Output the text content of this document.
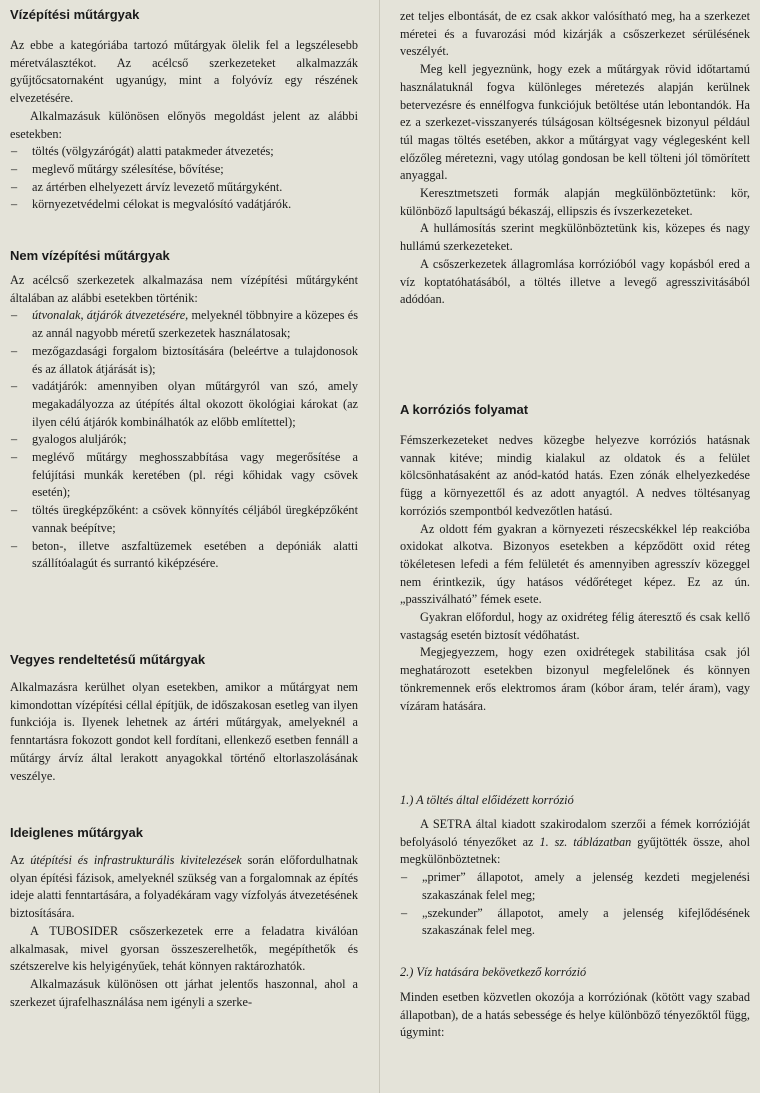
Vízépítési műtárgyak

Az ebbe a kategóriába tartozó műtárgyak ölelik fel a legszélesebb méretválasztékot. Az acélcső szerkezeteket alkalmazzák gyűjtőcsatornaként ugyanúgy, mint a folyóvíz egy részének elvezetésére.

Alkalmazásuk különösen előnyös megoldást jelent az alábbi esetekben:

– töltés (völgyzárógát) alatti patakmeder átvezetés;
– meglevő műtárgy szélesítése, bővítése;
– az ártérben elhelyezett árvíz levezető műtárgyként.
– környezetvédelmi célokat is megvalósító vadátjárók.
Nem vízépítési műtárgyak

Az acélcső szerkezetek alkalmazása nem vízépítési műtárgyként általában az alábbi esetekben történik:

– útvonalak, átjárók átvezetésére, melyeknél többnyire a közepes és az annál nagyobb méretű szerkezetek használatosak;
– mezőgazdasági forgalom biztosítására (beleértve a tulajdonosok és az állatok átjárását is);
– vadátjárók: amennyiben olyan műtárgyról van szó, amely megakadályozza az útépítés által okozott ökológiai károkat (az ilyen célú átjárók kombinálhatók az előbb említettel);
– gyalogos aluljárók;
– meglévő műtárgy meghosszabbítása vagy megerősítése a felújítási munkák keretében (pl. régi kőhidak vagy csövek esetén);
– töltés üregképzőként: a csövek könnyítés céljából üregképzőként vannak beépítve;
– beton-, illetve aszfaltüzemek esetében a depóniák alatti szállítóalagút és surrantó kiképzésére.
Vegyes rendeltetésű műtárgyak

Alkalmazásra kerülhet olyan esetekben, amikor a műtárgyat nem kimondottan vízépítési céllal építjük, de időszakosan esetleg van ilyen funkciója is. Ilyenek lehetnek az ártéri műtárgyak, amelyeknél a fenntartásra fokozott gondot kell fordítani, ellenkező esetben fennáll a műtárgy árvíz által lerakott anyagokkal történő eltorlaszolásának veszélye.

Ideiglenes műtárgyak

Az útépítési és infrastrukturális kivitelezések során előfordulhatnak olyan építési fázisok, amelyeknél szükség van a forgalomnak az építés ideje alatti fenntartására, a folyadékáram vagy vízfolyás átvezetésének biztosítására.

A TUBOSIDER csőszerkezetek erre a feladatra kiválóan alkalmasak, mivel gyorsan összeszerelhetők, megépíthetők és szétszerelve kis helyigényűek, tehát könnyen raktározhatók.

Alkalmazásuk különösen ott járhat jelentős haszonnal, ahol a szerkezet újrafelhasználása nem igényli a szerke-

zet teljes elbontását, de ez csak akkor valósítható meg, ha a szerkezet méretei és a fuvarozási mód kizárják a csőszerkezet sérülésének veszélyét.

Meg kell jegyeznünk, hogy ezek a műtárgyak rövid időtartamú használatuknál fogva különleges méretezés alapján kerülnek betervezésre és ennélfogva funkciójuk betöltése után lebontandók. Ha ez a szerkezet-visszanyerés túlságosan költségesnek bizonyul például túl magas töltés esetében, akkor a műtárgyat vagy véglegesként kell előzőleg méretezni, vagy utólag gondosan be kell tölteni jól tömörített anyaggal.

Keresztmetszeti formák alapján megkülönböztetünk: kör, különböző lapultságú békaszáj, ellipszis és ívszerkezeteket.

A hullámosítás szerint megkülönböztetünk kis, közepes és nagy hullámú szerkezeteket.

A csőszerkezetek állagromlása korrózióból vagy kopásból ered a víz koptatóhatásából, a töltés illetve a levegő agresszivitásából adódóan.

A korróziós folyamat

Fémszerkezeteket nedves közegbe helyezve korróziós hatásnak vannak kitéve; mindig kialakul az oldatok és a felület kölcsönhatásaként az anód-katód hatás. Ezen zónák elhelyezkedése függ a környezettől és az adott anyagtól. A nedves töltésanyag korróziós szempontból kedvezőtlen hatású.

Az oldott fém gyakran a környezeti részecskékkel lép reakcióba oxidokat alkotva. Bizonyos esetekben a képződött oxid réteg tökéletesen lefedi a fém felületét és amennyiben agresszív közeggel nem érintkezik, úgy hatásos védőréteget képez. Ez az ún. „passziválható” fémek esete.

Gyakran előfordul, hogy az oxidréteg félig áteresztő és csak kellő vastagság esetén biztosít védőhatást.

Megjegyezzem, hogy ezen oxidrétegek stabilitása csak jól meghatározott esetekben bizonyul megfelelőnek és könnyen tönkremennek erős elektromos áram (kóbor áram, telér áram), vagy vízáram hatására.

1.) A töltés által előidézett korrózió

A SETRA által kiadott szakirodalom szerzői a fémek korrózióját befolyásoló tényezőket az 1. sz. táblázatban gyűjtötték össze, ahol megkülönböztetnek:

– „primer” állapotot, amely a jelenség kezdeti megjelenési szakaszának felel meg;
– „szekunder” állapotot, amely a jelenség kifejlődésének szakaszának felel meg.

2.) Víz hatására bekövetkező korrózió

Minden esetben közvetlen okozója a korróziónak (kötött vagy szabad állapotban), de a hatás sebessége és helye különböző tényezőktől függ, úgymint:
